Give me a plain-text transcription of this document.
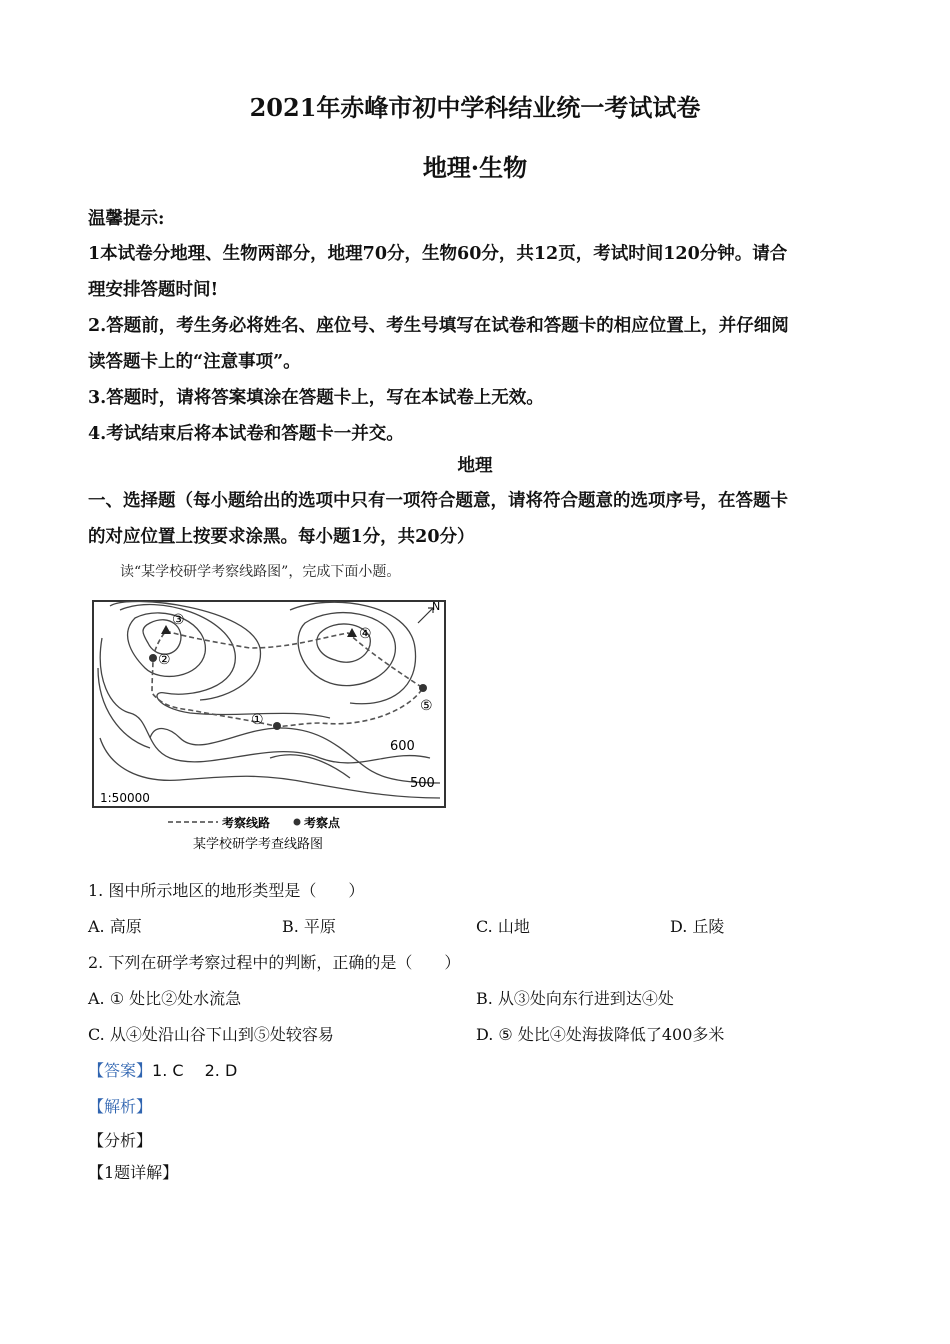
2021年赤峰市初中学科结业统一考试试卷
地理·生物
温馨提示:
1本试卷分地理、生物两部分，地理70分，生物60分，共12页，考试时间120分钟。请合
理安排答题时间!
2.答题前，考生务必将姓名、座位号、考生号填写在试卷和答题卡的相应位置上，并仔细阅
读答题卡上的“注意事项”。
3.答题时，请将答案填涂在答题卡上，写在本试卷上无效。
4.考试结束后将本试卷和答题卡一并交。
地理
一、选择题（每小题给出的选项中只有一项符合题意，请将符合题意的选项序号，在答题卡
的对应位置上按要求涂黑。每小题1分，共20分）
读“某学校研学考察线路图”，完成下面小题。
③
②
①
④
⑤
600
500
1:50000
N
考察线路	考察点
某学校研学考查线路图
1. 图中所示地区的地形类型是（　　）
A. 高原	B. 平原	C. 山地	D. 丘陵
2. 下列在研学考察过程中的判断，正确的是（　　）
A. ① 处比②处水流急	B. 从③处向东行进到达④处
C. 从④处沿山谷下山到⑤处较容易	D. ⑤ 处比④处海拔降低了400多米
【答案】1. C　 2. D
【解析】
【分析】
【1题详解】
